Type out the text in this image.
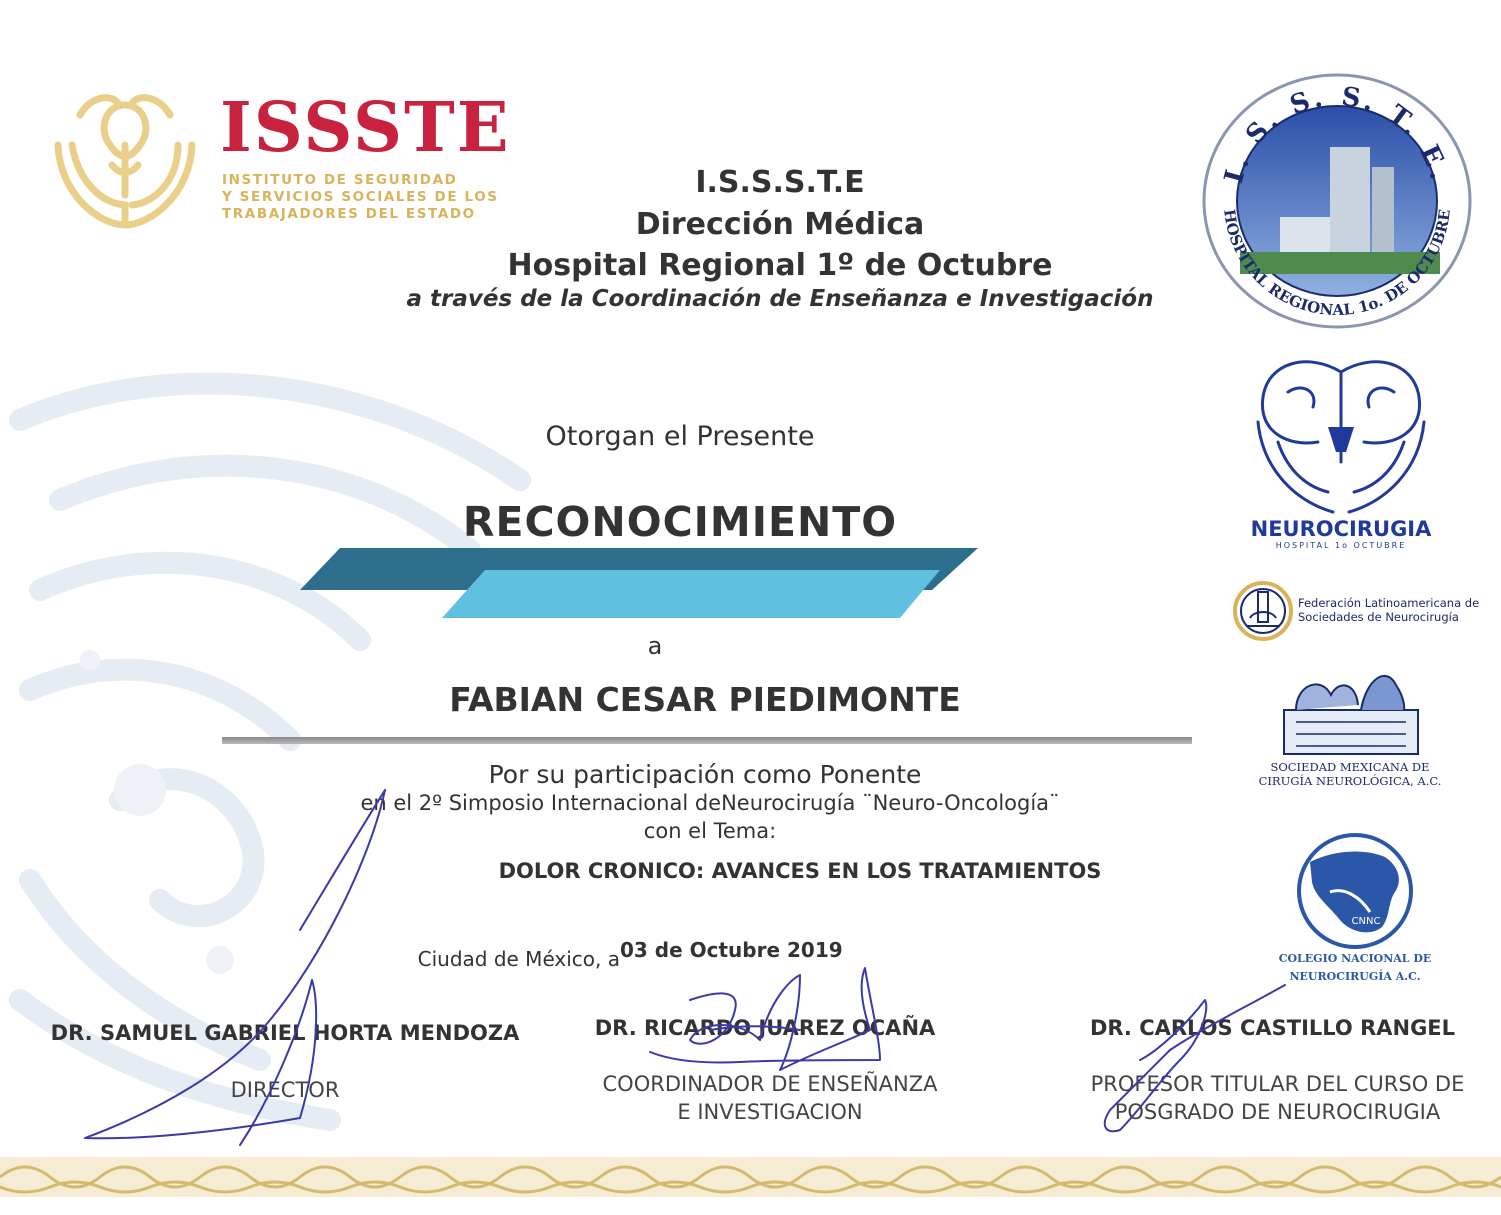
ISSSTE
INSTITUTO DE SEGURIDAD
Y SERVICIOS SOCIALES DE LOS
TRABAJADORES DEL ESTADO
I.S.S.S.T.E
Dirección Médica
Hospital Regional 1º de Octubre
a través de la Coordinación de Enseñanza e Investigación
Otorgan el Presente
RECONOCIMIENTO
a
FABIAN CESAR PIEDIMONTE
Por su participación como Ponente
en el 2º Simposio Internacional deNeurocirugía ¨Neuro-Oncología¨
con el Tema:
DOLOR CRONICO: AVANCES EN LOS TRATAMIENTOS
Ciudad de México, a 03 de Octubre 2019
DR. SAMUEL GABRIEL HORTA MENDOZA
DIRECTOR
DR. RICARDO JUAREZ OCAÑA
COORDINADOR DE ENSEÑANZA
E INVESTIGACION
DR. CARLOS CASTILLO RANGEL
PROFESOR TITULAR DEL CURSO DE
POSGRADO DE NEUROCIRUGIA
I. S. S. S. T. E.
HOSPITAL REGIONAL 1o. DE OCTUBRE
NEUROCIRUGIA
HOSPITAL 1o OCTUBRE
Federación Latinoamericana de
Sociedades de Neurocirugía
SOCIEDAD MEXICANA DE
CIRUGÍA NEUROLÓGICA, A.C.
CNNC
COLEGIO NACIONAL DE
NEUROCIRUGÍA A.C.
